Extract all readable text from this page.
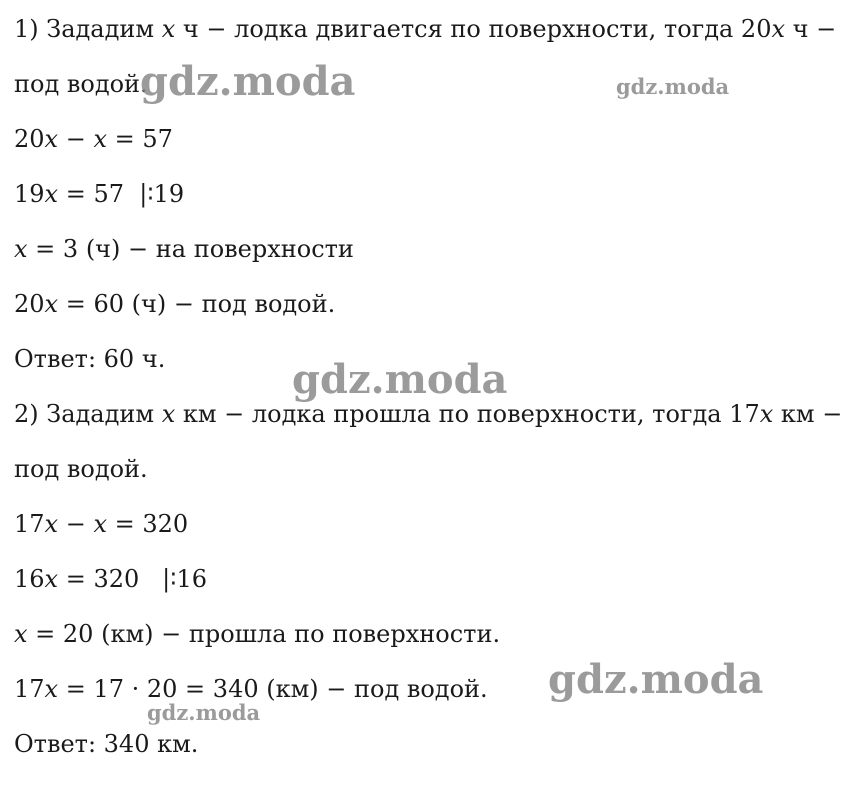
1) Зададим x ч − лодка двигается по поверхности, тогда 20x ч −
под водой.
20x − x = 57
19x = 57  |∶19
x = 3 (ч) − на поверхности
20x = 60 (ч) − под водой.
Ответ: 60 ч.
2) Зададим x км − лодка прошла по поверхности, тогда 17x км −
под водой.
17x − x = 320
16x = 320   |∶16
x = 20 (км) − прошла по поверхности.
17x = 17 · 20 = 340 (км) − под водой.
Ответ: 340 км.
gdz.moda	gdz.moda
gdz.moda
gdz.moda
gdz.moda
